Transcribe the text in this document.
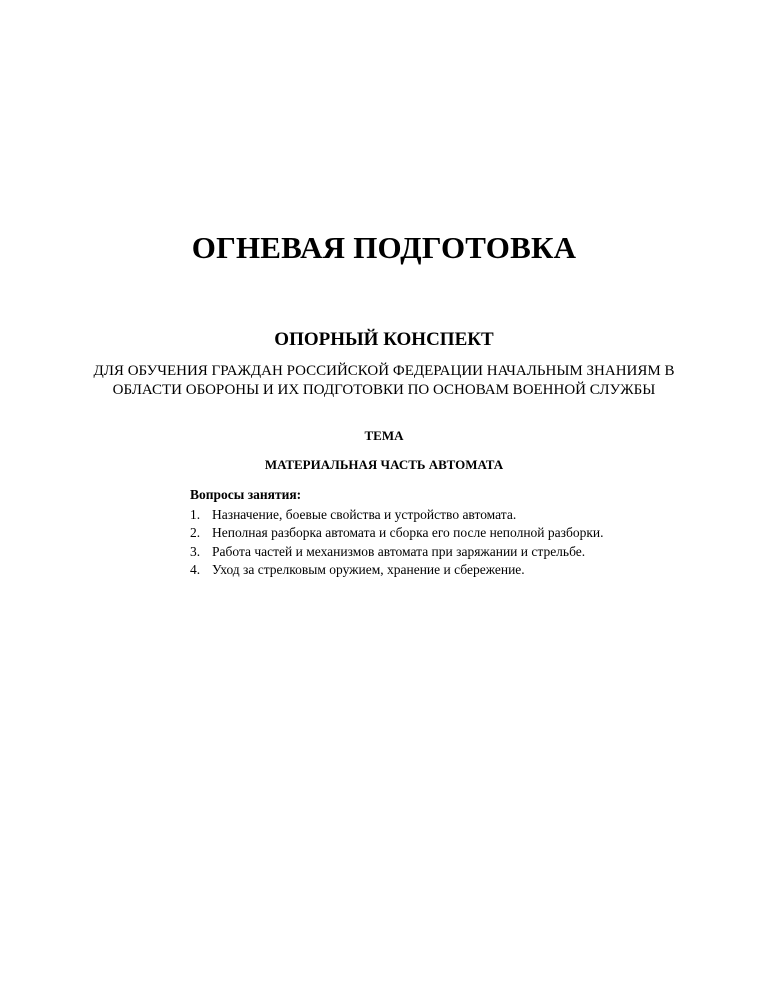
ОГНЕВАЯ ПОДГОТОВКА
ОПОРНЫЙ КОНСПЕКТ
ДЛЯ ОБУЧЕНИЯ ГРАЖДАН РОССИЙСКОЙ ФЕДЕРАЦИИ НАЧАЛЬНЫМ ЗНАНИЯМ В
ОБЛАСТИ ОБОРОНЫ И ИХ ПОДГОТОВКИ ПО ОСНОВАМ ВОЕННОЙ СЛУЖБЫ
ТЕМА
МАТЕРИАЛЬНАЯ ЧАСТЬ АВТОМАТА
Вопросы занятия:
1. Назначение, боевые свойства и устройство автомата.
2. Неполная разборка автомата и сборка его после неполной разборки.
3. Работа частей и механизмов автомата при заряжании и стрельбе.
4. Уход за стрелковым оружием, хранение и сбережение.
